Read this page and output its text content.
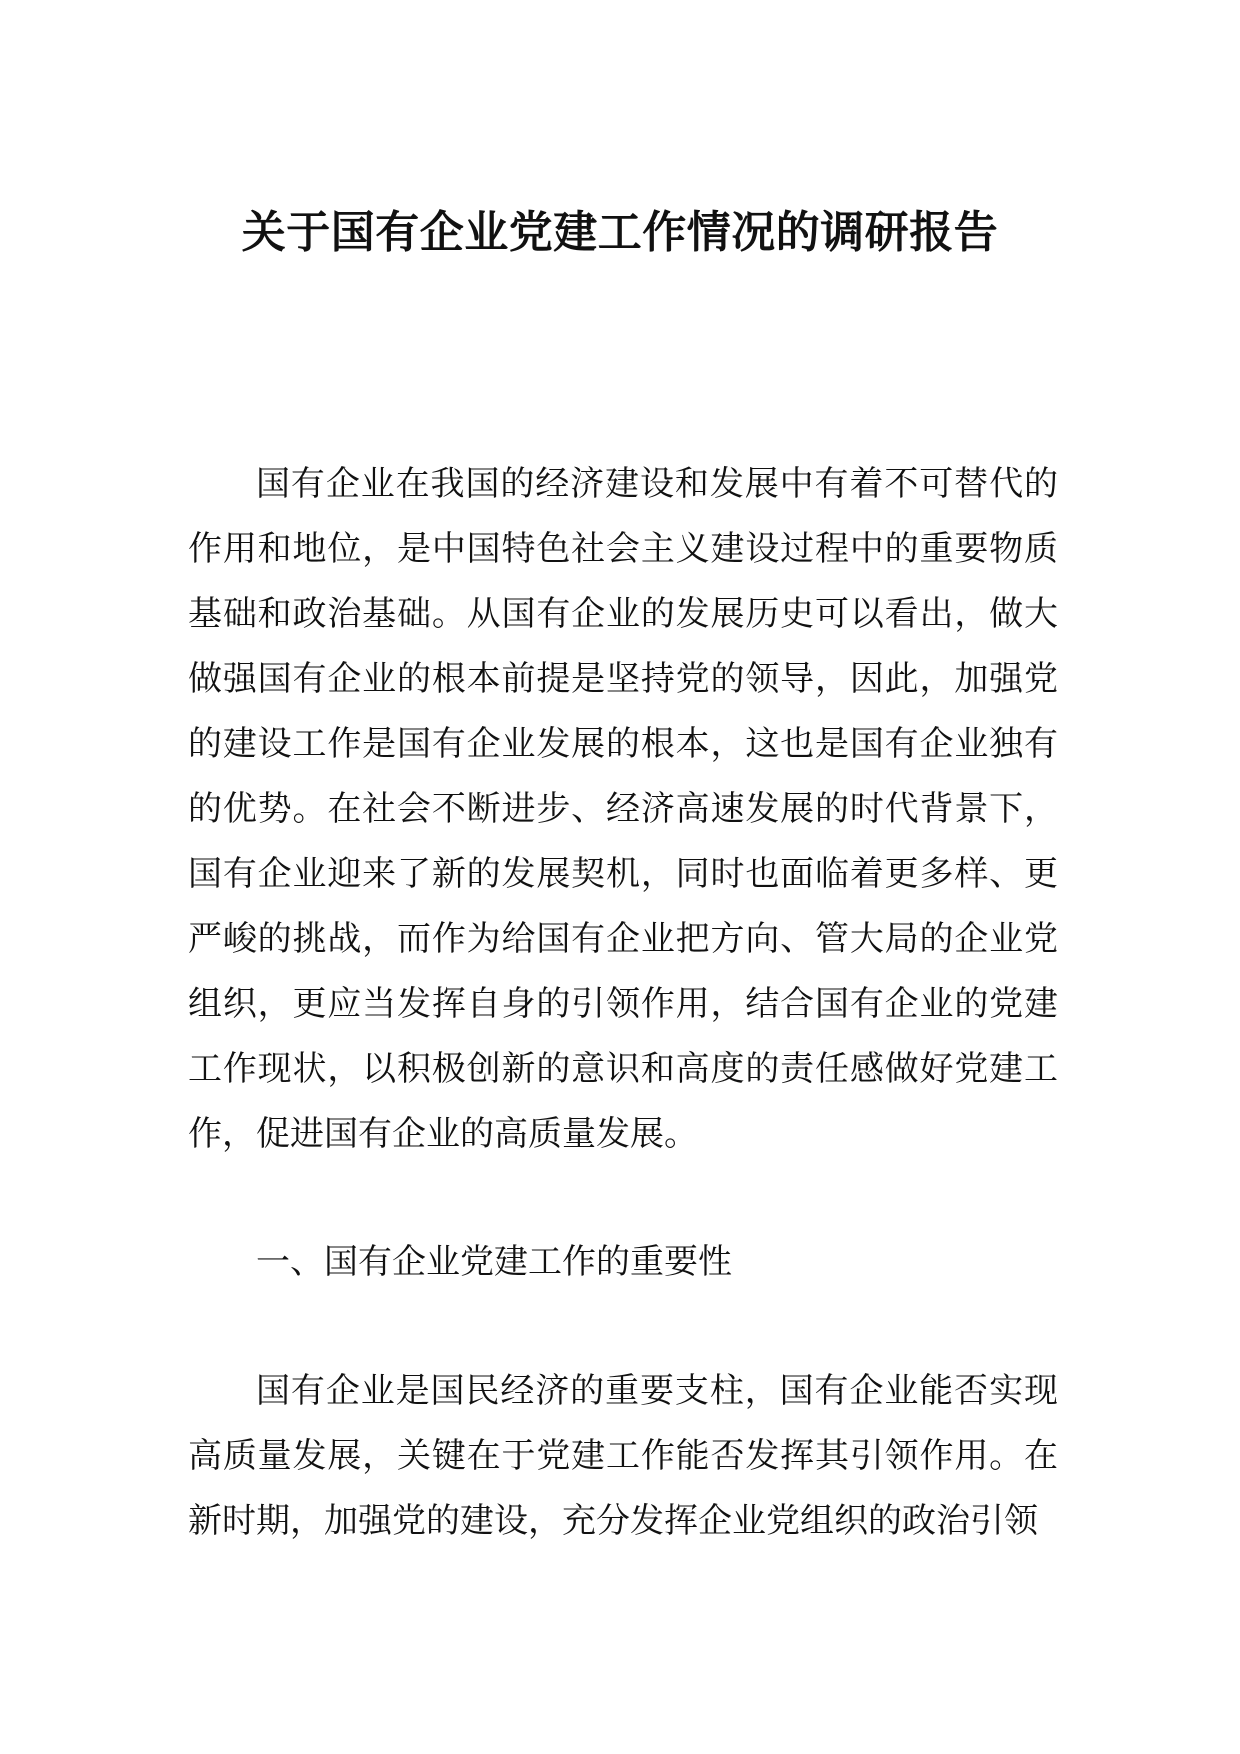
关于国有企业党建工作情况的调研报告

国有企业在我国的经济建设和发展中有着不可替代的作用和地位，是中国特色社会主义建设过程中的重要物质基础和政治基础。从国有企业的发展历史可以看出，做大做强国有企业的根本前提是坚持党的领导，因此，加强党的建设工作是国有企业发展的根本，这也是国有企业独有的优势。在社会不断进步、经济高速发展的时代背景下，国有企业迎来了新的发展契机，同时也面临着更多样、更严峻的挑战，而作为给国有企业把方向、管大局的企业党组织，更应当发挥自身的引领作用，结合国有企业的党建工作现状，以积极创新的意识和高度的责任感做好党建工作，促进国有企业的高质量发展。

一、国有企业党建工作的重要性

国有企业是国民经济的重要支柱，国有企业能否实现高质量发展，关键在于党建工作能否发挥其引领作用。在新时期，加强党的建设，充分发挥企业党组织的政治引领
